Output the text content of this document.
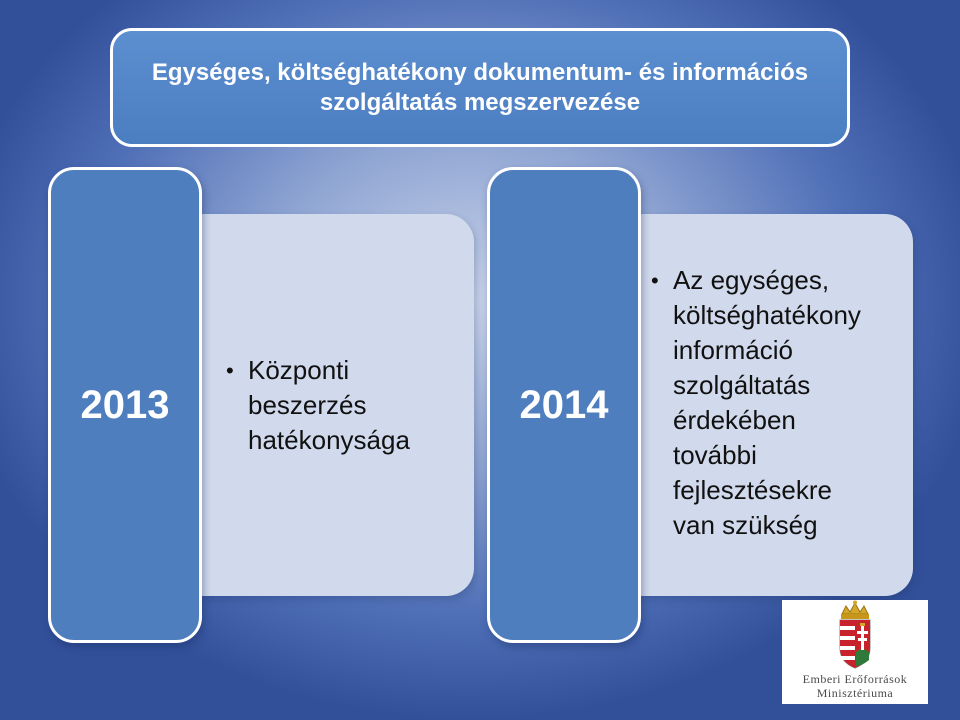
Egységes, költséghatékony dokumentum- és információs
szolgáltatás megszervezése
2013
• Központi
beszerzés
hatékonysága
2014
• Az egységes,
költséghatékony
információ
szolgáltatás
érdekében
további
fejlesztésekre
van szükség
Emberi Erőforrások
Minisztériuma
